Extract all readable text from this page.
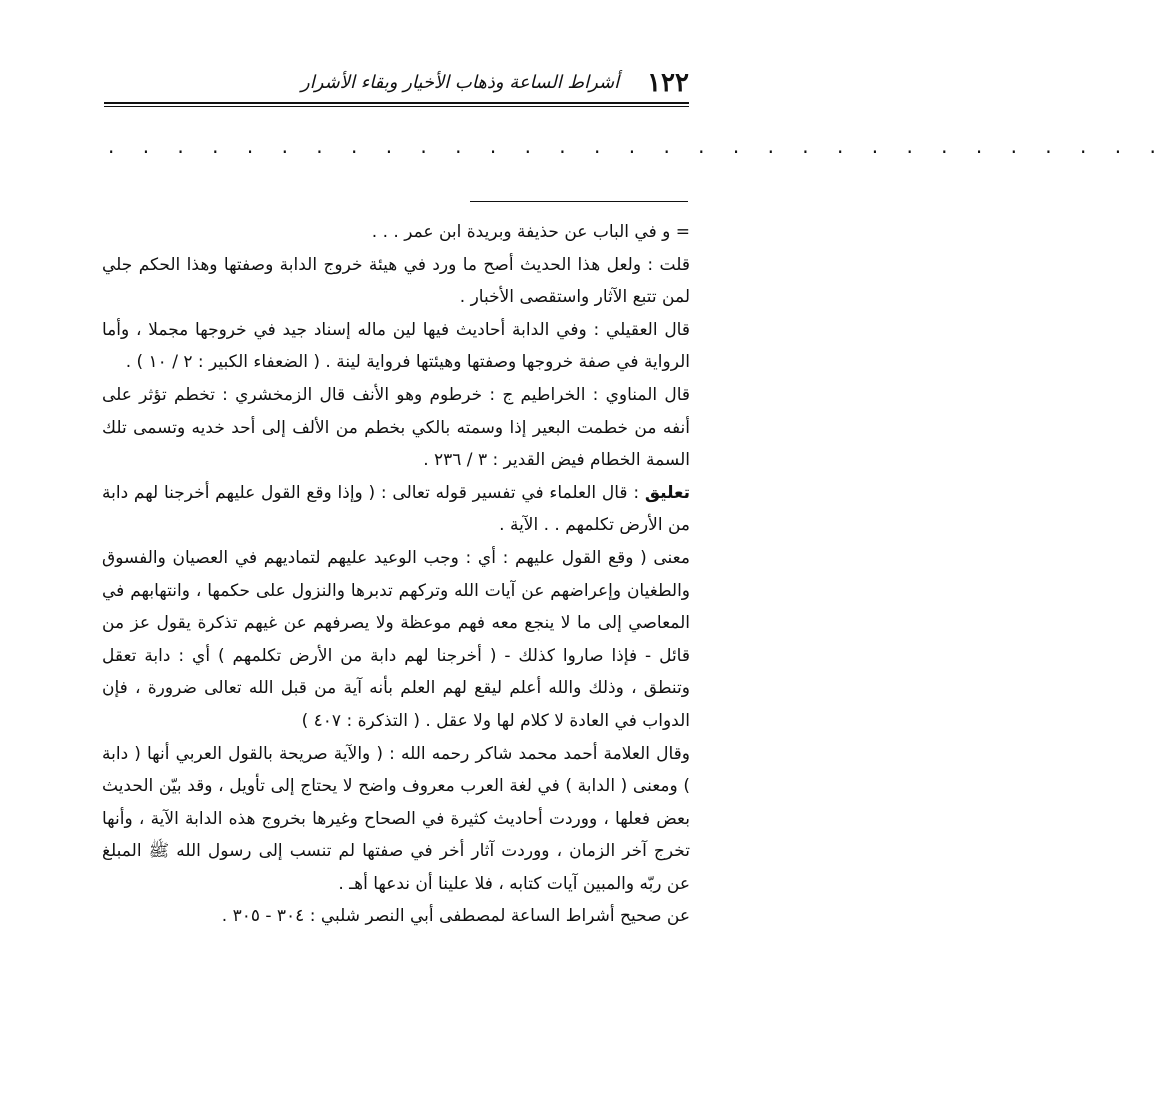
١٢٢
أشراط الساعة وذهاب الأخيار وبقاء الأشرار
· · · · · · · · · · · · · · · · · · · · · · · · · · · · · · ·

= و في الباب عن حذيفة وبريدة ابن عمر . . .

قلت : ولعل هذا الحديث أصح ما ورد في هيئة خروج الدابة وصفتها وهذا الحكم جلي لمن تتبع الآثار واستقصى الأخبار .

قال العقيلي : وفي الدابة أحاديث فيها لين ماله إسناد جيد في خروجها مجملا ، وأما الرواية في صفة خروجها وصفتها وهيئتها فرواية لينة . ( الضعفاء الكبير : ٢ / ١٠ ) .

قال المناوي : الخراطيم ج : خرطوم وهو الأنف قال الزمخشري : تخطم تؤثر على أنفه من خطمت البعير إذا وسمته بالكي بخطم من الألف إلى أحد خديه وتسمى تلك السمة الخطام فيض القدير : ٣ / ٢٣٦ .

تعليق : قال العلماء في تفسير قوله تعالى : ( وإذا وقع القول عليهم أخرجنا لهم دابة من الأرض تكلمهم . . الآية .

معنى ( وقع القول عليهم : أي : وجب الوعيد عليهم لتماديهم في العصيان والفسوق والطغيان وإعراضهم عن آيات الله وتركهم تدبرها والنزول على حكمها ، وانتهابهم في المعاصي إلى ما لا ينجع معه فهم موعظة ولا يصرفهم عن غيهم تذكرة يقول عز من قائل - فإذا صاروا كذلك - ( أخرجنا لهم دابة من الأرض تكلمهم ) أي : دابة تعقل وتنطق ، وذلك والله أعلم ليقع لهم العلم بأنه آية من قبل الله تعالى ضرورة ، فإن الدواب في العادة لا كلام لها ولا عقل . ( التذكرة : ٤٠٧ )

وقال العلامة أحمد محمد شاكر رحمه الله : ( والآية صريحة بالقول العربي أنها ( دابة ) ومعنى ( الدابة ) في لغة العرب معروف واضح لا يحتاج إلى تأويل ، وقد بيّن الحديث بعض فعلها ، ووردت أحاديث كثيرة في الصحاح وغيرها بخروج هذه الدابة الآية ، وأنها تخرج آخر الزمان ، ووردت آثار أخر في صفتها لم تنسب إلى رسول الله ﷺ المبلغ عن ربّه والمبين آيات كتابه ، فلا علينا أن ندعها أهـ .

عن صحيح أشراط الساعة لمصطفى أبي النصر شلبي : ٣٠٤ - ٣٠٥ .
